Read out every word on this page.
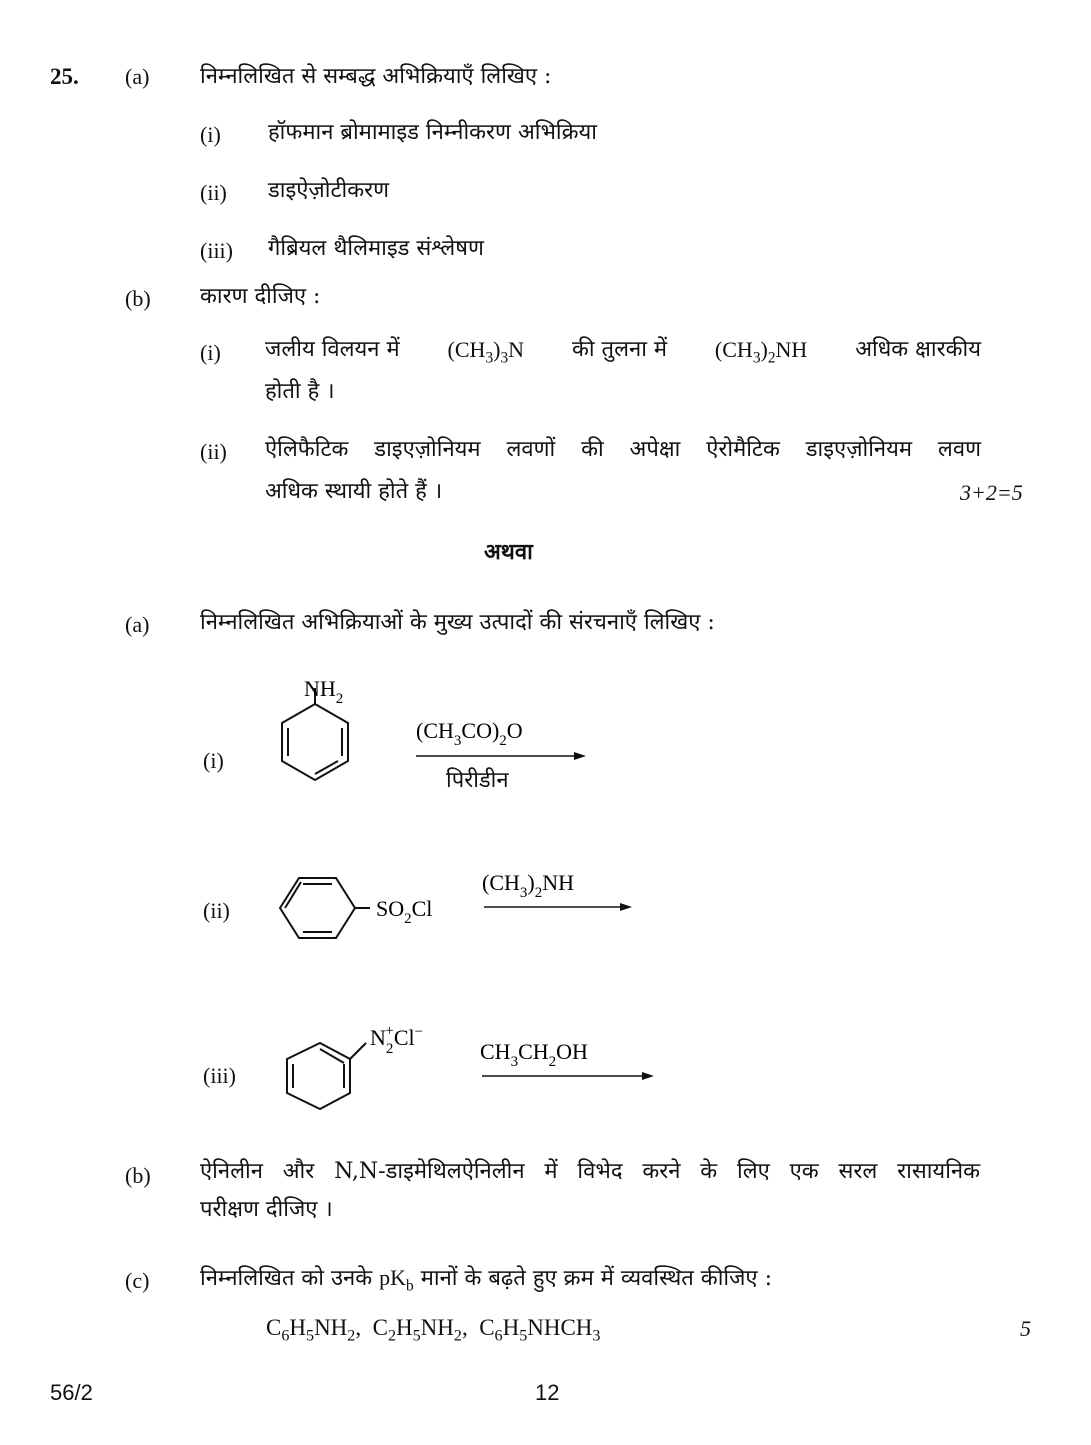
25. (a) निम्नलिखित से सम्बद्ध अभिक्रियाएँ लिखिए :
(i) हॉफमान ब्रोमामाइड निम्नीकरण अभिक्रिया
(ii) डाइऐज़ोटीकरण
(iii) गैब्रियल थैलिमाइड संश्लेषण
(b) कारण दीजिए :
(i) जलीय विलयन में $(CH_3)_3N$ की तुलना में $(CH_3)_2NH$ अधिक क्षारकीय
होती है ।
(ii) ऐलिफैटिक डाइएज़ोनियम लवणों की अपेक्षा ऐरोमैटिक डाइएज़ोनियम लवण
अधिक स्थायी होते हैं ।	3+2=5
अथवा
(a) निम्नलिखित अभिक्रियाओं के मुख्य उत्पादों की संरचनाएँ लिखिए :
(i)
$NH_2$
$(CH_3CO)_2O$
पिरीडीन
(ii)	$SO_2Cl$
$(CH_3)_2NH$
(iii)
$N_2+Cl^-$
$CH_3CH_2OH$
(b) ऐनिलीन और N,N-डाइमेथिलऐनिलीन में विभेद करने के लिए एक सरल रासायनिक
परीक्षण दीजिए ।
(c) निम्नलिखित को उनके $pK_b$ मानों के बढ़ते हुए क्रम में व्यवस्थित कीजिए :
$C_6H_5NH_2$,  $C_2H_5NH_2$,  $C_6H_5NHCH_3$	5
56/2	12
